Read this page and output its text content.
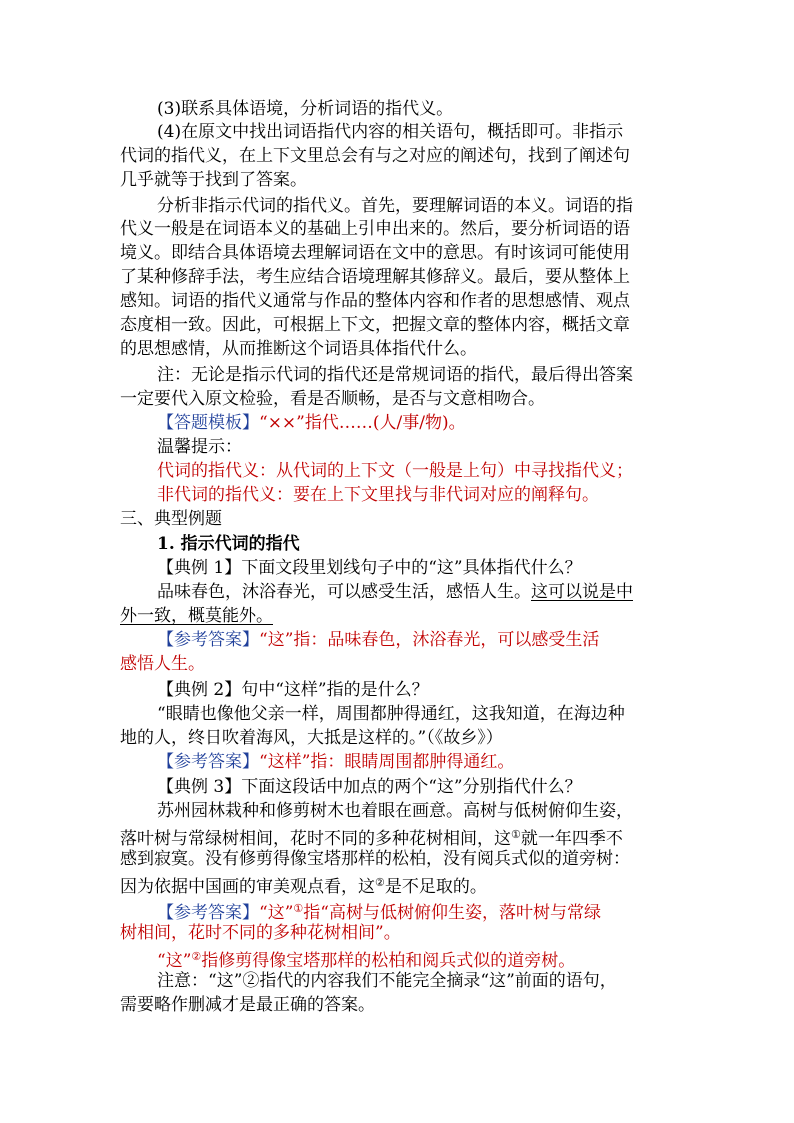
(3)联系具体语境，分析词语的指代义。
(4)在原文中找出词语指代内容的相关语句，概括即可。非指示
代词的指代义，在上下文里总会有与之对应的阐述句，找到了阐述句
几乎就等于找到了答案。
分析非指示代词的指代义。首先，要理解词语的本义。词语的指
代义一般是在词语本义的基础上引申出来的。然后，要分析词语的语
境义。即结合具体语境去理解词语在文中的意思。有时该词可能使用
了某种修辞手法，考生应结合语境理解其修辞义。最后，要从整体上
感知。词语的指代义通常与作品的整体内容和作者的思想感情、观点
态度相一致。因此，可根据上下文，把握文章的整体内容，概括文章
的思想感情，从而推断这个词语具体指代什么。
注：无论是指示代词的指代还是常规词语的指代，最后得出答案
一定要代入原文检验，看是否顺畅，是否与文意相吻合。
【答题模板】“××”指代……(人/事/物)。
温馨提示：
代词的指代义：从代词的上下文（一般是上句）中寻找指代义；
非代词的指代义：要在上下文里找与非代词对应的阐释句。
三、典型例题
1. 指示代词的指代
【典例 1】下面文段里划线句子中的“这”具体指代什么？
品味春色，沐浴春光，可以感受生活，感悟人生。这可以说是中
外一致，概莫能外。
【参考答案】“这”指：品味春色，沐浴春光，可以感受生活
感悟人生。
【典例 2】句中“这样”指的是什么？
“眼睛也像他父亲一样，周围都肿得通红，这我知道，在海边种
地的人，终日吹着海风，大抵是这样的。”（《故乡》）
【参考答案】“这样”指：眼睛周围都肿得通红。
【典例 3】下面这段话中加点的两个“这”分别指代什么？
苏州园林栽种和修剪树木也着眼在画意。高树与低树俯仰生姿，
落叶树与常绿树相间，花时不同的多种花树相间，这①就一年四季不
感到寂寞。没有修剪得像宝塔那样的松柏，没有阅兵式似的道旁树：
因为依据中国画的审美观点看，这②是不足取的。
【参考答案】“这”①指“高树与低树俯仰生姿，落叶树与常绿
树相间，花时不同的多种花树相间”。
“这”②指修剪得像宝塔那样的松柏和阅兵式似的道旁树。
注意：“这”②指代的内容我们不能完全摘录“这”前面的语句，
需要略作删减才是最正确的答案。
